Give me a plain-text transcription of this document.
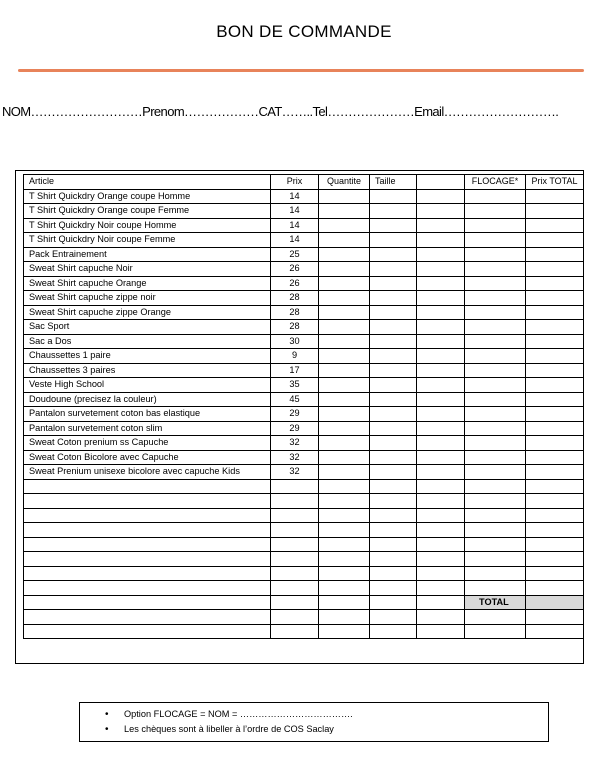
BON DE COMMANDE
NOM………………………Prenom………………CAT……..Tel…………………Email……………………….
Article	Prix	Quantite	Taille		FLOCAGE*	Prix TOTAL
T Shirt Quickdry Orange coupe Homme	14					
T Shirt Quickdry Orange coupe Femme	14					
T Shirt Quickdry Noir coupe Homme	14					
T Shirt Quickdry Noir coupe Femme	14					
Pack Entrainement	25					
Sweat Shirt capuche Noir	26					
Sweat Shirt capuche Orange	26					
Sweat Shirt capuche zippe noir	28					
Sweat Shirt capuche zippe Orange	28					
Sac Sport	28					
Sac a Dos	30					
Chaussettes 1 paire	9					
Chaussettes 3 paires	17					
Veste High School	35					
Doudoune (precisez la couleur)	45					
Pantalon survetement coton bas elastique	29					
Pantalon survetement coton slim	29					
Sweat Coton prenium ss Capuche	32					
Sweat Coton Bicolore avec Capuche	32					
Sweat Prenium unisexe bicolore avec capuche Kids	32					

					TOTAL	

• Option FLOCAGE = NOM = ……………………………….
• Les chèques sont à libeller à l’ordre de COS Saclay
